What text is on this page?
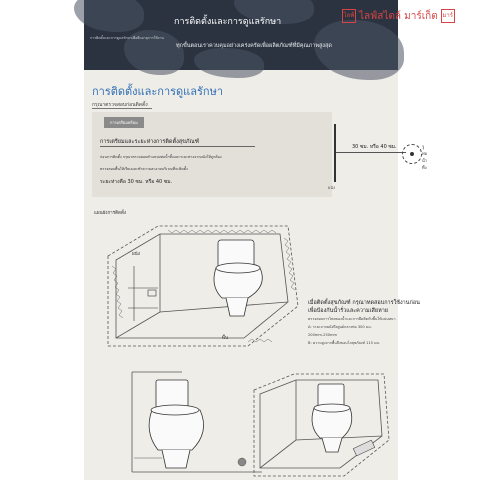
การติดตั้งและการดูแลรักษา
การติดตั้งและการดูแลรักษาเพื่อยืดอายุการใช้งาน
ทุกขั้นตอนเราควบคุมอย่างเคร่งครัดเพื่อผลิตภัณฑ์ที่มีคุณภาพสูงสุด
การติดตั้งและการดูแลรักษา
กรุณาตรวจสอบก่อนติดตั้ง
การเตรียมพร้อม
การเตรียมและระยะห่างการติดตั้งสุขภัณฑ์
ก่อนการติดตั้ง กรุณาตรวจสอบตำแหน่งท่อน้ำทิ้งและระยะห่างจากผนังให้ถูกต้อง
ตรวจสอบพื้นให้เรียบและทำความสะอาดบริเวณที่จะติดตั้ง
ระยะห่างคือ 30 ซม. หรือ 40 ซม.
30 ซม. หรือ 40 ซม.
ผนัง
รูท่อน้ำทิ้ง
แผนผังการติดตั้ง
ผนัง
พื้น
เมื่อติดตั้งสุขภัณฑ์ กรุณาทดสอบการใช้งานก่อน
เพื่อป้องกันน้ำรั่วและความเสียหาย
ตรวจสอบการไหลของน้ำและการยึดติดกับพื้นให้แน่นหนา
A: ระยะจากผนังถึงศูนย์กลางท่อ 300 มม.
200mm-250mm
B: ความสูงจากพื้นถึงขอบโถสุขภัณฑ์ 115 มม.
ไลฟ์ ไลฟ์สไตล์ มาร์เก็ต มาร์
